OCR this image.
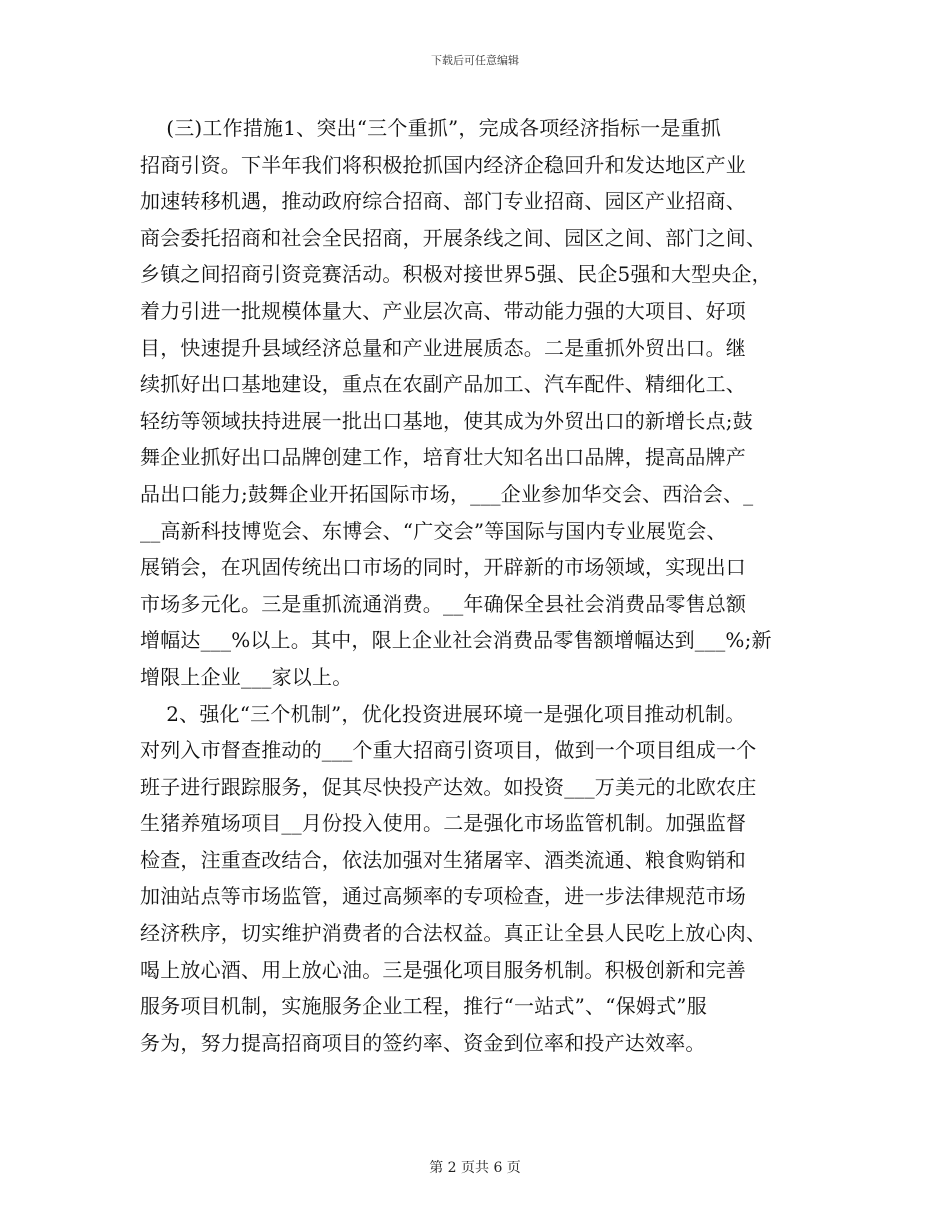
下载后可任意编辑
(三)工作措施1、突出“三个重抓”，完成各项经济指标一是重抓
招商引资。下半年我们将积极抢抓国内经济企稳回升和发达地区产业
加速转移机遇，推动政府综合招商、部门专业招商、园区产业招商、
商会委托招商和社会全民招商，开展条线之间、园区之间、部门之间、
乡镇之间招商引资竞赛活动。积极对接世界5强、民企5强和大型央企，
着力引进一批规模体量大、产业层次高、带动能力强的大项目、好项
目，快速提升县域经济总量和产业进展质态。二是重抓外贸出口。继
续抓好出口基地建设，重点在农副产品加工、汽车配件、精细化工、
轻纺等领域扶持进展一批出口基地，使其成为外贸出口的新增长点;鼓
舞企业抓好出口品牌创建工作，培育壮大知名出口品牌，提高品牌产
品出口能力;鼓舞企业开拓国际市场，___企业参加华交会、西洽会、_
__高新科技博览会、东博会、“广交会”等国际与国内专业展览会、
展销会，在巩固传统出口市场的同时，开辟新的市场领域，实现出口
市场多元化。三是重抓流通消费。__年确保全县社会消费品零售总额
增幅达___%以上。其中，限上企业社会消费品零售额增幅达到___%;新
增限上企业___家以上。
2、强化“三个机制”，优化投资进展环境一是强化项目推动机制。
对列入市督查推动的___个重大招商引资项目，做到一个项目组成一个
班子进行跟踪服务，促其尽快投产达效。如投资___万美元的北欧农庄
生猪养殖场项目__月份投入使用。二是强化市场监管机制。加强监督
检查，注重查改结合，依法加强对生猪屠宰、酒类流通、粮食购销和
加油站点等市场监管，通过高频率的专项检查，进一步法律规范市场
经济秩序，切实维护消费者的合法权益。真正让全县人民吃上放心肉、
喝上放心酒、用上放心油。三是强化项目服务机制。积极创新和完善
服务项目机制，实施服务企业工程，推行“一站式”、“保姆式”服
务为，努力提高招商项目的签约率、资金到位率和投产达效率。
第 2 页共 6 页
